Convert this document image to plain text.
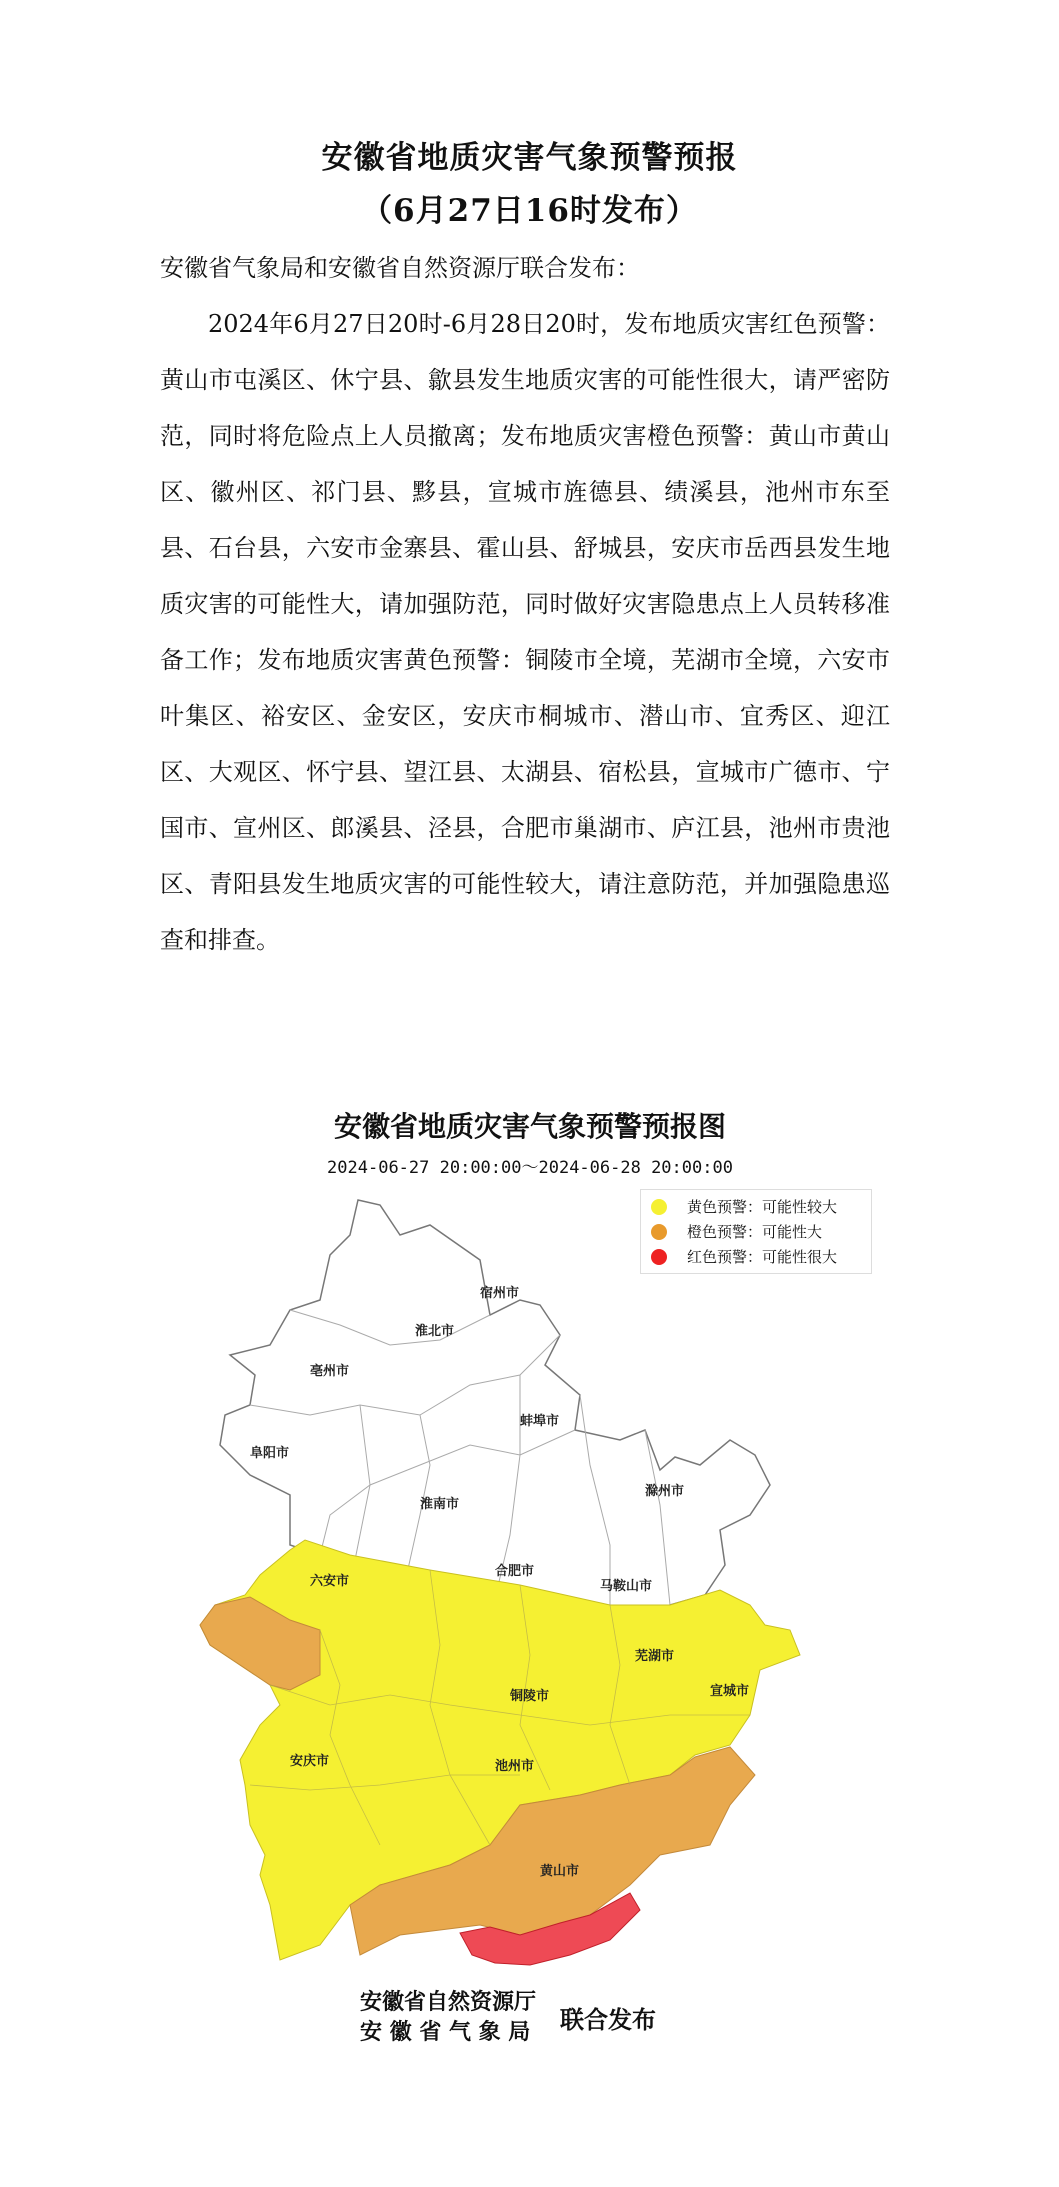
安徽省地质灾害气象预警预报
（6月27日16时发布）
安徽省气象局和安徽省自然资源厅联合发布：
2024年6月27日20时-6月28日20时，发布地质灾害红色预警：黄山市屯溪区、休宁县、歙县发生地质灾害的可能性很大，请严密防范，同时将危险点上人员撤离；发布地质灾害橙色预警：黄山市黄山区、徽州区、祁门县、黟县，宣城市旌德县、绩溪县，池州市东至县、石台县，六安市金寨县、霍山县、舒城县，安庆市岳西县发生地质灾害的可能性大，请加强防范，同时做好灾害隐患点上人员转移准备工作；发布地质灾害黄色预警：铜陵市全境，芜湖市全境，六安市叶集区、裕安区、金安区，安庆市桐城市、潜山市、宜秀区、迎江区、大观区、怀宁县、望江县、太湖县、宿松县，宣城市广德市、宁国市、宣州区、郎溪县、泾县，合肥市巢湖市、庐江县，池州市贵池区、青阳县发生地质灾害的可能性较大，请注意防范，并加强隐患巡查和排查。
宿州市
淮北市
亳州市
阜阳市
蚌埠市
淮南市
滁州市
六安市
合肥市
马鞍山市
芜湖市
铜陵市	宣城市
安庆市	池州市
黄山市
安徽省地质灾害气象预警预报图
2024-06-27 20:00:00～2024-06-28 20:00:00
黄色预警：可能性较大
橙色预警：可能性大
红色预警：可能性很大
安徽省自然资源厅
安 徽 省 气 象 局 联合发布
